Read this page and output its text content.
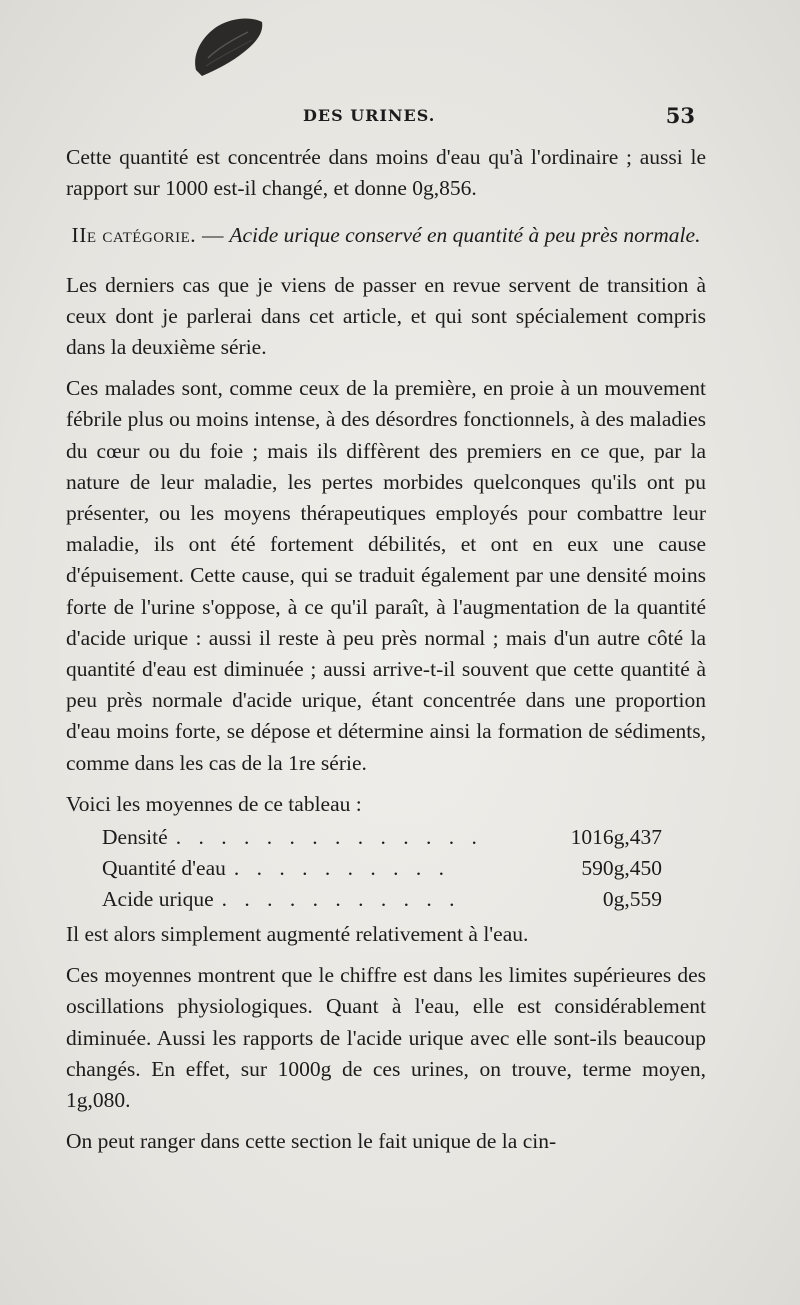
DES URINES.	53

Cette quantité est concentrée dans moins d'eau qu'à l'ordinaire ; aussi le rapport sur 1000 est-il changé, et donne 0g,856.

IIe catégorie. — Acide urique conservé en quantité à peu près normale.

Les derniers cas que je viens de passer en revue servent de transition à ceux dont je parlerai dans cet article, et qui sont spécialement compris dans la deuxième série.

Ces malades sont, comme ceux de la première, en proie à un mouvement fébrile plus ou moins intense, à des désordres fonctionnels, à des maladies du cœur ou du foie ; mais ils diffèrent des premiers en ce que, par la nature de leur maladie, les pertes morbides quelconques qu'ils ont pu présenter, ou les moyens thérapeutiques employés pour combattre leur maladie, ils ont été fortement débilités, et ont en eux une cause d'épuisement. Cette cause, qui se traduit également par une densité moins forte de l'urine s'oppose, à ce qu'il paraît, à l'augmentation de la quantité d'acide urique : aussi il reste à peu près normal ; mais d'un autre côté la quantité d'eau est diminuée ; aussi arrive-t-il souvent que cette quantité à peu près normale d'acide urique, étant concentrée dans une proportion d'eau moins forte, se dépose et détermine ainsi la formation de sédiments, comme dans les cas de la 1re série.

Voici les moyennes de ce tableau :

Densité . . . . . . . . . . . . . .	1016g,437
Quantité d'eau . . . . . . . . . .	590g,450
Acide urique . . . . . . . . . . .	0g,559

Il est alors simplement augmenté relativement à l'eau.

Ces moyennes montrent que le chiffre est dans les limites supérieures des oscillations physiologiques. Quant à l'eau, elle est considérablement diminuée. Aussi les rapports de l'acide urique avec elle sont-ils beaucoup changés. En effet, sur 1000g de ces urines, on trouve, terme moyen, 1g,080.

On peut ranger dans cette section le fait unique de la cin-
